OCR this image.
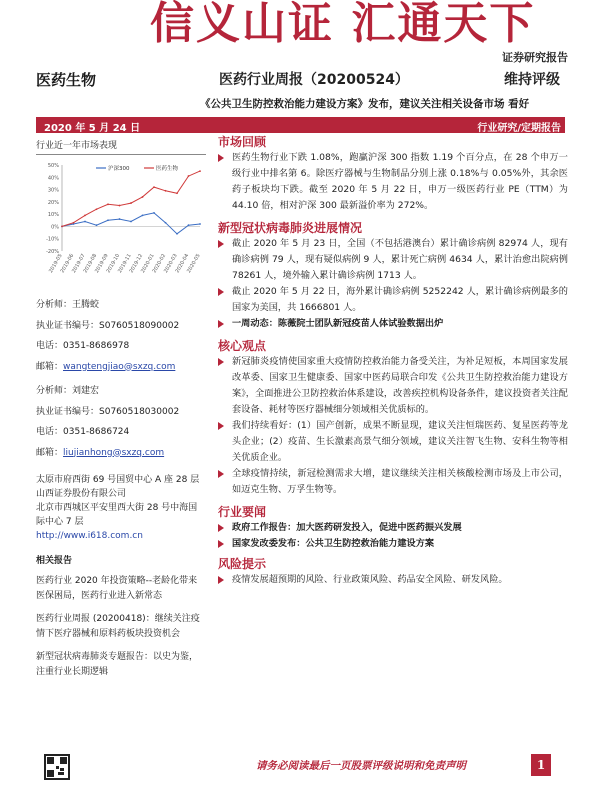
信义山证 汇通天下
证券研究报告
医药生物	医药行业周报（20200524）	维持评级
《公共卫生防控救治能力建设方案》发布，建议关注相关设备市场 看好
2020 年 5 月 24 日	行业研究/定期报告
行业近一年市场表现
50%
40%
30%
20%
10%
0%
-10%
-20%
2019-05
2019-06
2019-07
2019-08
2019-09
2019-10
2019-11
2019-12
2020-01
2020-02
2020-03
2020-04
2020-05
沪深300	医药生物
分析师：王腾蛟
执业证书编号：S0760518090002
电话：0351-8686978
邮箱：wangtengjiao@sxzq.com
分析师：刘建宏
执业证书编号：S0760518030002
电话：0351-8686724
邮箱：liujianhong@sxzq.com
太原市府西街 69 号国贸中心 A 座 28 层
山西证券股份有限公司
北京市西城区平安里西大街 28 号中海国际中心 7 层
http://www.i618.com.cn
相关报告
医药行业 2020 年投资策略--老龄化带来医保困局，医药行业进入新常态
医药行业周报 (20200418)：继续关注疫情下医疗器械和原料药板块投资机会
新型冠状病毒肺炎专题报告：以史为鉴，注重行业长期逻辑
市场回顾
医药生物行业下跌 1.08%，跑赢沪深 300 指数 1.19 个百分点，在 28 个申万一级行业中排名第 6。除医疗器械与生物制品分别上涨 0.18%与 0.05%外，其余医药子板块均下跌。截至 2020 年 5 月 22 日，申万一级医药行业 PE（TTM）为 44.10 倍，相对沪深 300 最新溢价率为 272%。
新型冠状病毒肺炎进展情况
截止 2020 年 5 月 23 日，全国（不包括港澳台）累计确诊病例 82974 人，现有确诊病例 79 人，现有疑似病例 9 人，累计死亡病例 4634 人，累计治愈出院病例 78261 人，境外输入累计确诊病例 1713 人。
截止 2020 年 5 月 22 日，海外累计确诊病例 5252242 人，累计确诊病例最多的国家为美国，共 1666801 人。
一周动态：陈薇院士团队新冠疫苗人体试验数据出炉
核心观点
新冠肺炎疫情使国家重大疫情防控救治能力备受关注，为补足短板，本周国家发展改革委、国家卫生健康委、国家中医药局联合印发《公共卫生防控救治能力建设方案》，全面推进公卫防控救治体系建设，改善疾控机构设备条件，建议投资者关注配套设备、耗材等医疗器械细分领域相关优质标的。
我们持续看好：(1）国产创新，成果不断显现，建议关注恒瑞医药、复星医药等龙头企业；(2）疫苗、生长激素高景气细分领域，建议关注智飞生物、安科生物等相关优质企业。
全球疫情持续，新冠检测需求大增，建议继续关注相关核酸检测市场及上市公司，如迈克生物、万孚生物等。
行业要闻
政府工作报告：加大医药研发投入，促进中医药振兴发展
国家发改委发布：公共卫生防控救治能力建设方案
风险提示
疫情发展超预期的风险、行业政策风险、药品安全风险、研发风险。
请务必阅读最后一页股票评级说明和免责声明	1
